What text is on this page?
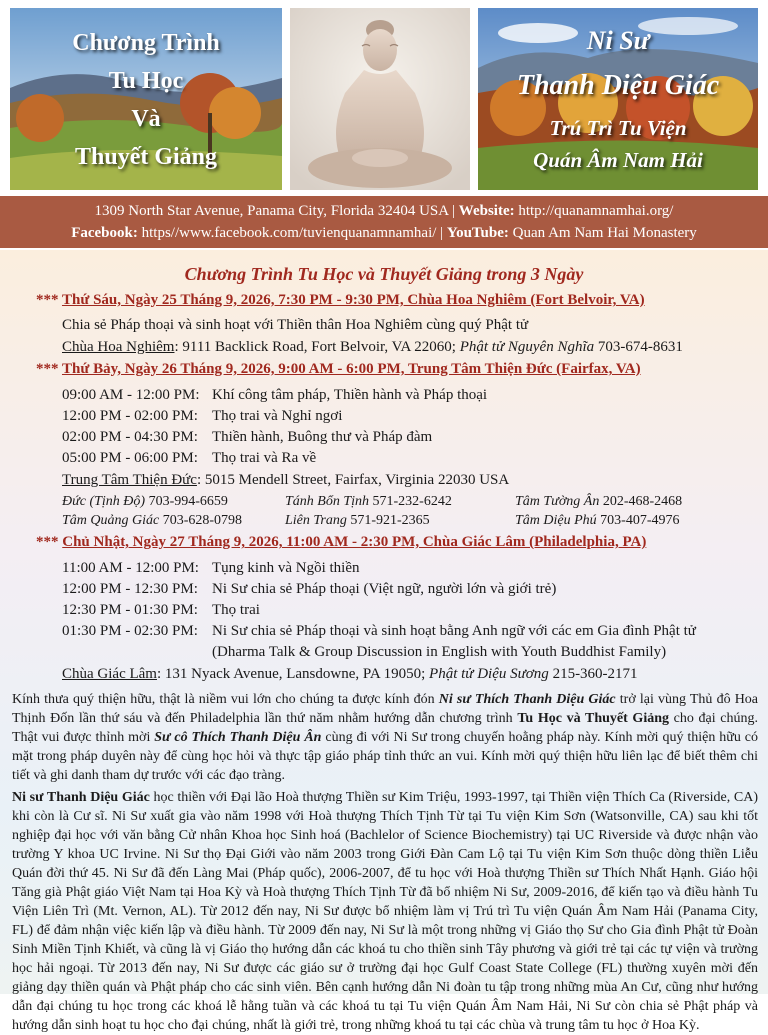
Chương Trình
Tu Học
Và
Thuyết Giảng
Ni Sư
Thanh Diệu Giác
Trú Trì Tu Viện
Quán Âm Nam Hải
1309 North Star Avenue, Panama City, Florida 32404 USA | Website: http://quanamnamhai.org/
Facebook: https//www.facebook.com/tuvienquanamnamhai/ | YouTube: Quan Am Nam Hai Monastery
Chương Trình Tu Học và Thuyết Giảng trong 3 Ngày
*** Thứ Sáu, Ngày 25 Tháng 9, 2026, 7:30 PM - 9:30 PM, Chùa Hoa Nghiêm (Fort Belvoir, VA)
Chia sẻ Pháp thoại và sinh hoạt với Thiền thân Hoa Nghiêm cùng quý Phật tử
Chùa Hoa Nghiêm: 9111 Backlick Road, Fort Belvoir, VA 22060; Phật tử Nguyên Nghĩa 703-674-8631
*** Thứ Bảy, Ngày 26 Tháng 9, 2026, 9:00 AM - 6:00 PM, Trung Tâm Thiện Đức (Fairfax, VA)
09:00 AM - 12:00 PM: Khí công tâm pháp, Thiền hành và Pháp thoại
12:00 PM - 02:00 PM: Thọ trai và Nghỉ ngơi
02:00 PM - 04:30 PM: Thiền hành, Buông thư và Pháp đàm
05:00 PM - 06:00 PM: Thọ trai và Ra về
Trung Tâm Thiện Đức: 5015 Mendell Street, Fairfax, Virginia 22030 USA
Đức (Tịnh Độ) 703-994-6659	Tánh Bổn Tịnh 571-232-6242	Tâm Tường Ân 202-468-2468
Tâm Quảng Giác 703-628-0798	Liên Trang 571-921-2365	Tâm Diệu Phú 703-407-4976
*** Chủ Nhật, Ngày 27 Tháng 9, 2026, 11:00 AM - 2:30 PM, Chùa Giác Lâm (Philadelphia, PA)
11:00 AM - 12:00 PM: Tụng kinh và Ngồi thiền
12:00 PM - 12:30 PM: Ni Sư chia sẻ Pháp thoại (Việt ngữ, người lớn và giới trẻ)
12:30 PM - 01:30 PM: Thọ trai
01:30 PM - 02:30 PM: Ni Sư chia sẻ Pháp thoại và sinh hoạt bằng Anh ngữ với các em Gia đình Phật tử
(Dharma Talk & Group Discussion in English with Youth Buddhist Family)
Chùa Giác Lâm: 131 Nyack Avenue, Lansdowne, PA 19050; Phật tử Diệu Sương 215-360-2171
Kính thưa quý thiện hữu, thật là niềm vui lớn cho chúng ta được kính đón Ni sư Thích Thanh Diệu Giác trở lại vùng Thủ đô Hoa Thịnh Đốn lần thứ sáu và đến Philadelphia lần thứ năm nhằm hướng dẫn chương trình Tu Học và Thuyết Giảng cho đại chúng. Thật vui được thỉnh mời Sư cô Thích Thanh Diệu Ân cùng đi với Ni Sư trong chuyến hoằng pháp này. Kính mời quý thiện hữu có mặt trong pháp duyên này để cùng học hỏi và thực tập giáo pháp tỉnh thức an vui. Kính mời quý thiện hữu liên lạc để biết thêm chi tiết và ghi danh tham dự trước với các đạo tràng.
Ni sư Thanh Diệu Giác học thiền với Đại lão Hoà thượng Thiền sư Kim Triệu, 1993-1997, tại Thiền viện Thích Ca (Riverside, CA) khi còn là Cư sĩ. Ni Sư xuất gia vào năm 1998 với Hoà thượng Thích Tịnh Từ tại Tu viện Kim Sơn (Watsonville, CA) sau khi tốt nghiệp đại học với văn bằng Cử nhân Khoa học Sinh hoá (Bachlelor of Science Biochemistry) tại UC Riverside và được nhận vào trường Y khoa UC Irvine. Ni Sư thọ Đại Giới vào năm 2003 trong Giới Đàn Cam Lộ tại Tu viện Kim Sơn thuộc dòng thiền Liễu Quán đời thứ 45. Ni Sư đã đến Làng Mai (Pháp quốc), 2006-2007, để tu học với Hoà thượng Thiền sư Thích Nhất Hạnh. Giáo hội Tăng già Phật giáo Việt Nam tại Hoa Kỳ và Hoà thượng Thích Tịnh Từ đã bổ nhiệm Ni Sư, 2009-2016, để kiến tạo và điều hành Tu Viện Liên Trì (Mt. Vernon, AL). Từ 2012 đến nay, Ni Sư được bổ nhiệm làm vị Trú trì Tu viện Quán Âm Nam Hải (Panama City, FL) để đảm nhận việc kiến lập và điều hành. Từ 2009 đến nay, Ni Sư là một trong những vị Giáo thọ Sư cho Gia đình Phật tử Đoàn Sinh Miền Tịnh Khiết, và cũng là vị Giáo thọ hướng dẫn các khoá tu cho thiền sinh Tây phương và giới trẻ tại các tự viện và trường học hải ngoại. Từ 2013 đến nay, Ni Sư được các giáo sư ở trường đại học Gulf Coast State College (FL) thường xuyên mời đến giảng dạy thiền quán và Phật pháp cho các sinh viên. Bên cạnh hướng dẫn Ni đoàn tu tập trong những mùa An Cư, cũng như hướng dẫn đại chúng tu học trong các khoá lễ hằng tuần và các khoá tu tại Tu viện Quán Âm Nam Hải, Ni Sư còn chia sẻ Phật pháp và hướng dẫn sinh hoạt tu học cho đại chúng, nhất là giới trẻ, trong những khoá tu tại các chùa và trung tâm tu học ở Hoa Kỳ.
